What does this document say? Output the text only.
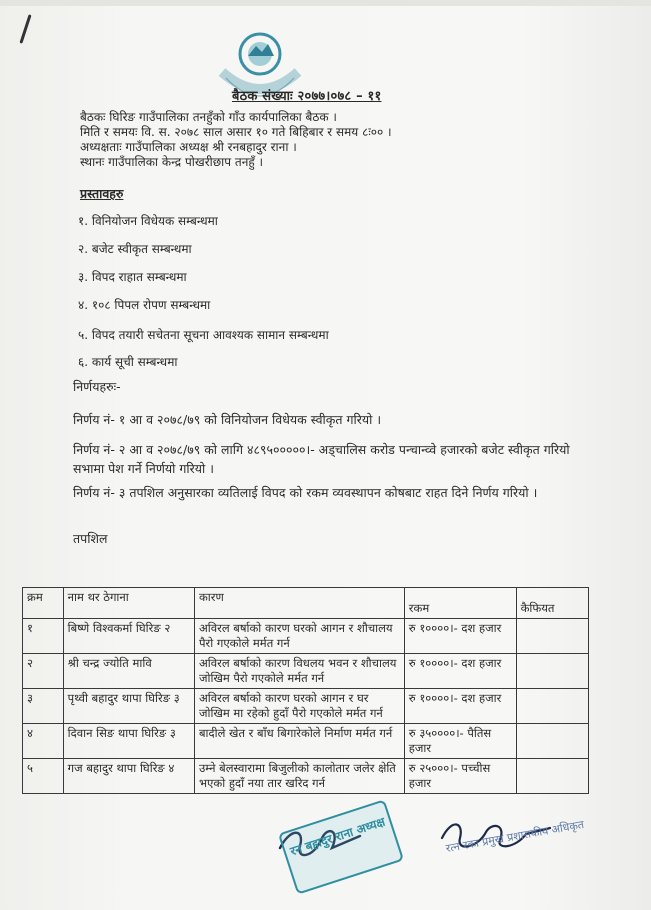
बैठक संख्याः २०७७।०७८ – ११
बैठकः घिरिङ गाउँपालिका तनहुँको गाँउ कार्यपालिका बैठक ।
मिति र समयः वि. स. २०७८ साल असार १० गते बिहिबार र समय ८ः०० ।
अध्यक्षताः गाउँपालिका अध्यक्ष श्री रनबहादुर राना ।
स्थानः गाउँपालिका केन्द्र पोखरीछाप तनहुँ ।
प्रस्तावहरु
१. विनियोजन विधेयक सम्बन्धमा
२. बजेट स्वीकृत सम्बन्धमा
३. विपद राहात सम्बन्धमा
४. १०८ पिपल रोपण सम्बन्धमा
५. विपद तयारी सचेतना सूचना आवश्यक सामान सम्बन्धमा
६. कार्य सूची सम्बन्धमा
निर्णयहरुः-
निर्णय नं- १ आ व २०७८/७९ को विनियोजन विधेयक स्वीकृत गरियो ।
निर्णय नं- २ आ व २०७८/७९ को लागि ४८९५०००००।- अड्चालिस करोड पन्चान्व्वे हजारको बजेट स्वीकृत गरियो सभामा पेश गर्ने निर्णयो गरियो ।
निर्णय नं- ३ तपशिल अनुसारका व्यतिलाई विपद को रकम व्यवस्थापन कोषबाट राहत दिने निर्णय गरियो ।
तपशिल
क्रम	नाम थर ठेगाना	कारण	रकम	कैफियत
१	बिष्णे विश्वकर्मा घिरिङ २	अविरल बर्षाको कारण घरको आगन र शौचालय पैरो गएकोले मर्मत गर्न	रु १००००।- दश हजार	
२	श्री चन्द्र ज्योति मावि	अविरल बर्षाको कारण विधलय भवन र शौचालय जोखिम पैरो गएकोले मर्मत गर्न	रु १००००।- दश हजार	
३	पृथ्वी बहादुर थापा घिरिङ ३	अविरल बर्षाको कारण घरको आगन र घर जोखिम मा रहेको हुदाँ पैरो गएकोले मर्मत गर्न	रु १००००।- दश हजार	
४	दिवान सिङ थापा घिरिङ ३	बादीले खेत र बाँध बिगारेकोले निर्माण मर्मत गर्न	रु ३५००००।- पैतिस हजार	
५	गज बहादुर थापा घिरिङ ४	उम्ने बेलस्वारामा बिजुलीको कालोतार जलेर क्षेति भएको हुदाँ नया तार खरिद गर्न	रु २५०००।- पच्चीस हजार	
रन बहादुर राना अध्यक्ष	रत्न रका प्रमुख प्रशासकीय अधिकृत
